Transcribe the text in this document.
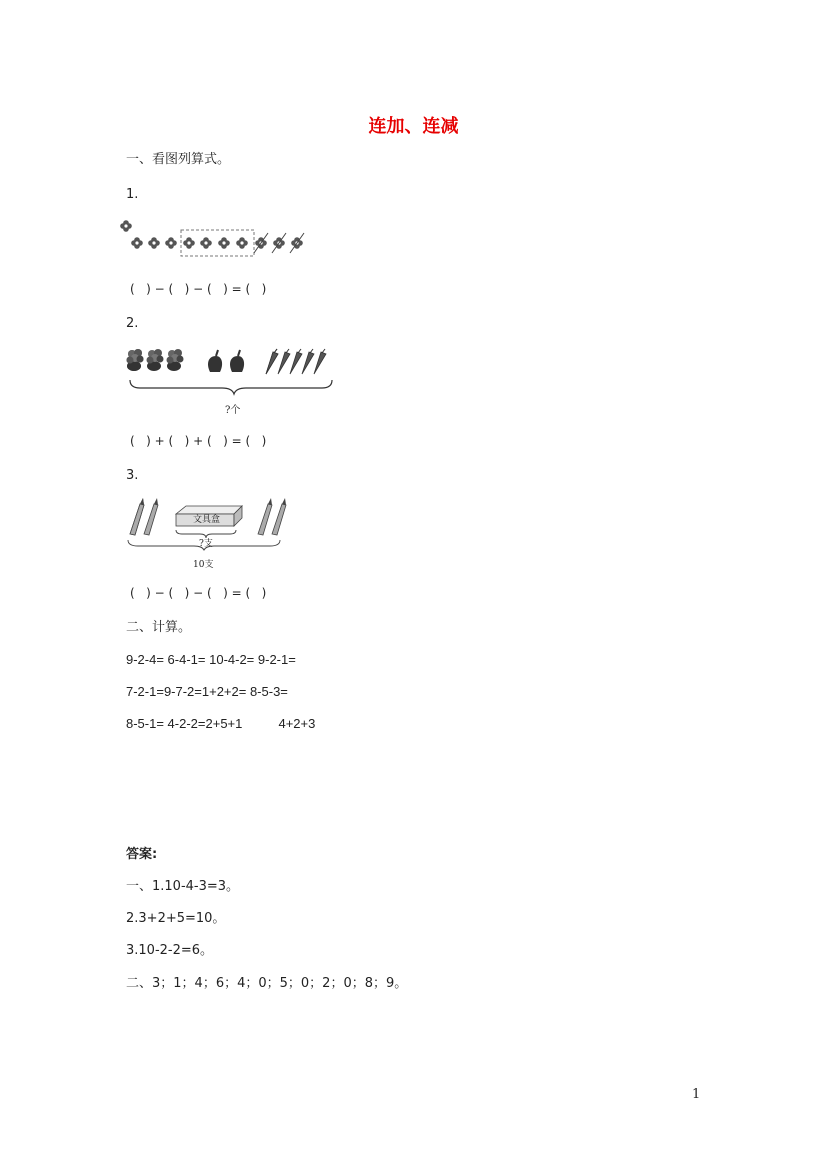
连加、连减
一、看图列算式。
1.
(   ) − (   ) − (   ) = (   )
2.
?个
(   ) + (   ) + (   ) = (   )
3.
文具盒
?支
10支
(   ) − (   ) − (   ) = (   )
二、计算。
9-2-4= 6-4-1= 10-4-2= 9-2-1=
7-2-1=9-7-2=1+2+2= 8-5-3=
8-5-1= 4-2-2=2+5+1          4+2+3
答案:
一、1.10-4-3=3。
2.3+2+5=10。
3.10-2-2=6。
二、3；1；4；6；4；0；5；0；2；0；8；9。
1
